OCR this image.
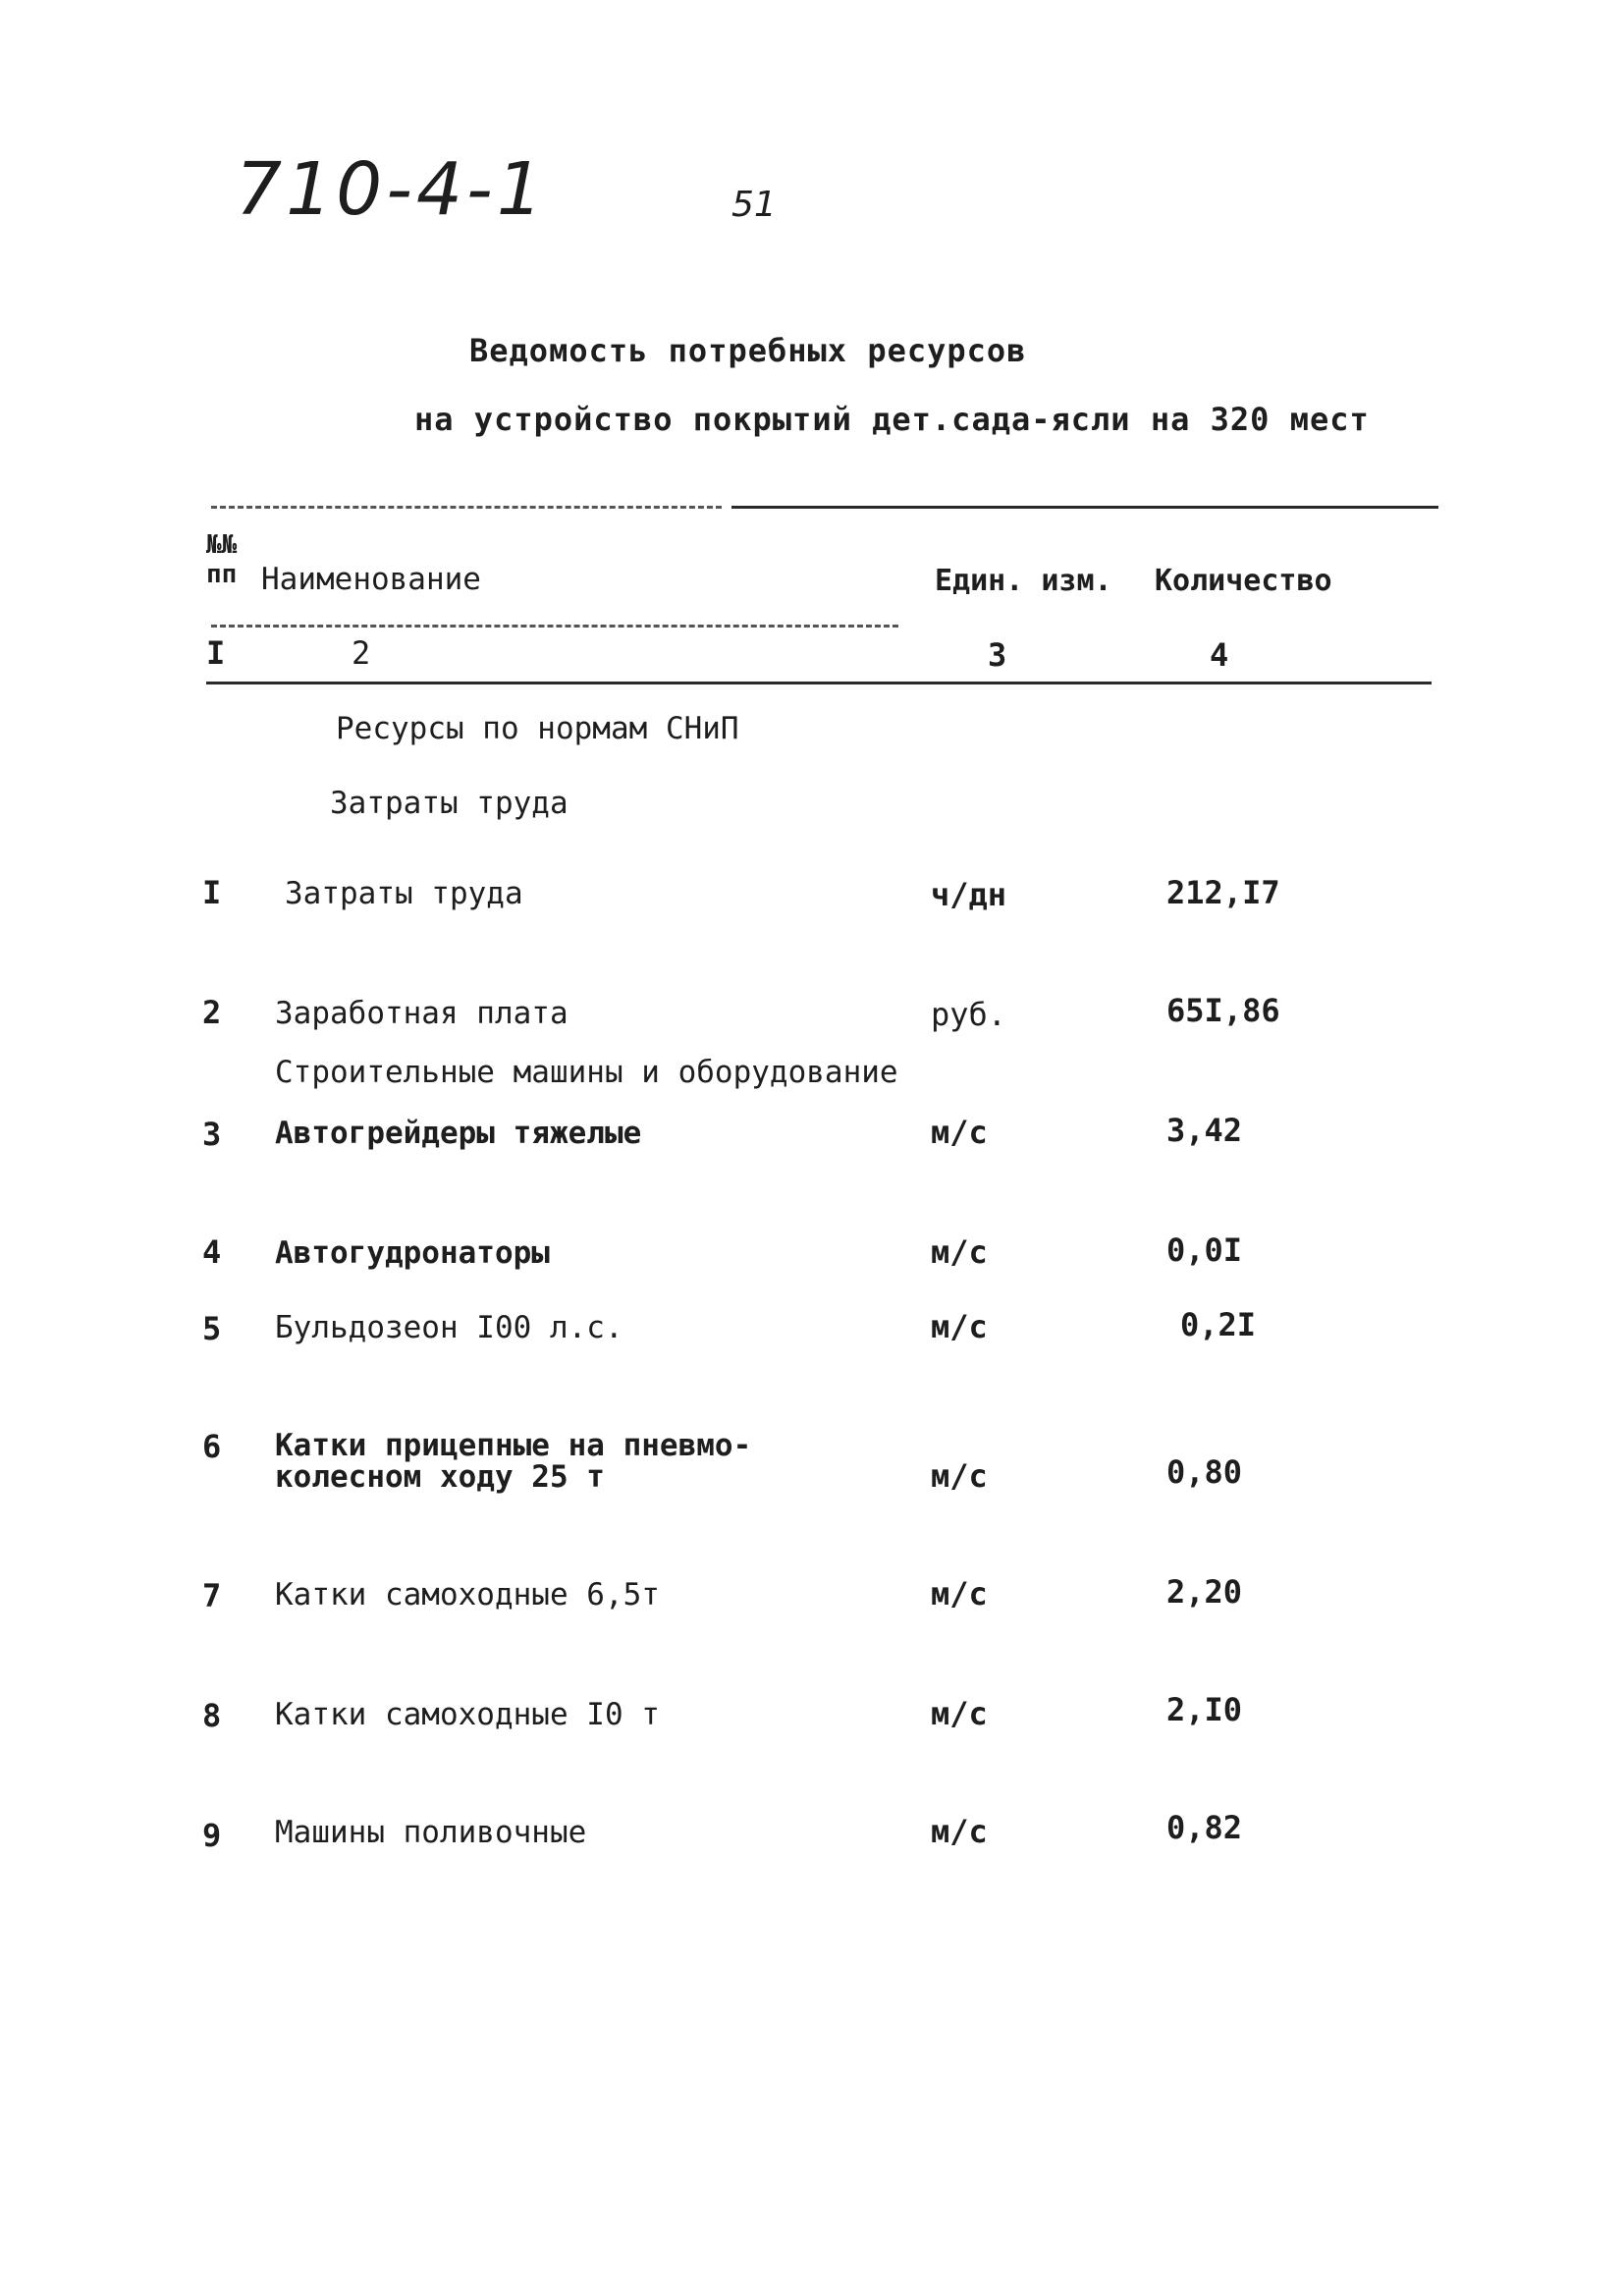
710-4-1	51
Ведомость потребных ресурсов
на устройство покрытий дет.сада-ясли на 320 мест
№№ пп Наименование	Един. изм. Количество
I	2	3	4
Ресурсы по нормам СНиП
Затраты труда
I Затраты труда	ч/дн	212,I7
2 Заработная плата	руб.	65I,86
Строительные машины и оборудование
3 Автогрейдеры тяжелые	м/с	3,42
4 Автогудронаторы	м/с	0,0I
5 Бульдозеон I00 л.с.	м/с	0,2I
6 Катки прицепные на пневмо-
колесном ходу 25 т	м/с	0,80
7 Катки самоходные 6,5т	м/с	2,20
8 Катки самоходные I0 т	м/с	2,I0
9 Машины поливочные	м/с	0,82
